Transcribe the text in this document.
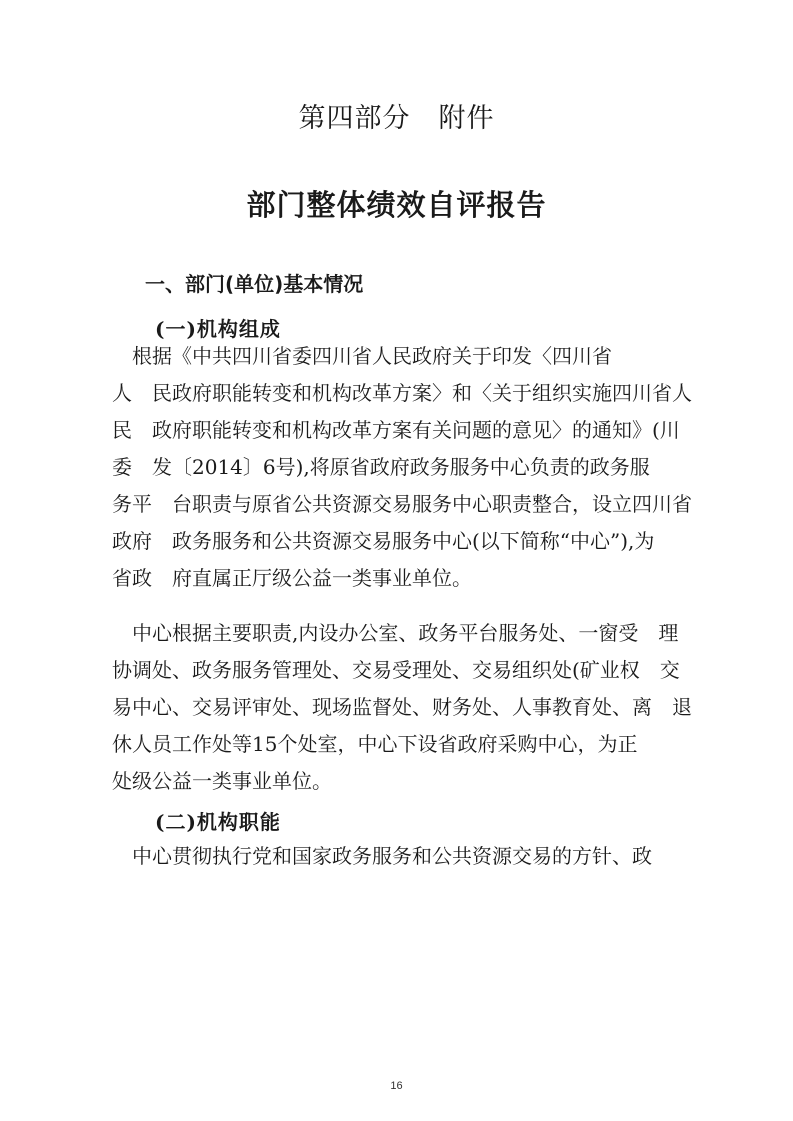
第四部分　附件
部门整体绩效自评报告
一、部门(单位)基本情况
(一)机构组成

　根据《中共四川省委四川省人民政府关于印发〈四川省
人　民政府职能转变和机构改革方案〉和〈关于组织实施四川省人
民　政府职能转变和机构改革方案有关问题的意见〉的通知》(川
委　发〔2014〕6号),将原省政府政务服务中心负责的政务服
务平　台职责与原省公共资源交易服务中心职责整合，设立四川省
政府　政务服务和公共资源交易服务中心(以下简称“中心”),为
省政　府直属正厅级公益一类事业单位。

　中心根据主要职责,内设办公室、政务平台服务处、一窗受　理
协调处、政务服务管理处、交易受理处、交易组织处(矿业权　交
易中心、交易评审处、现场监督处、财务处、人事教育处、离　退
休人员工作处等15个处室，中心下设省政府采购中心，为正
处级公益一类事业单位。

(二)机构职能

　中心贯彻执行党和国家政务服务和公共资源交易的方针、政

16
